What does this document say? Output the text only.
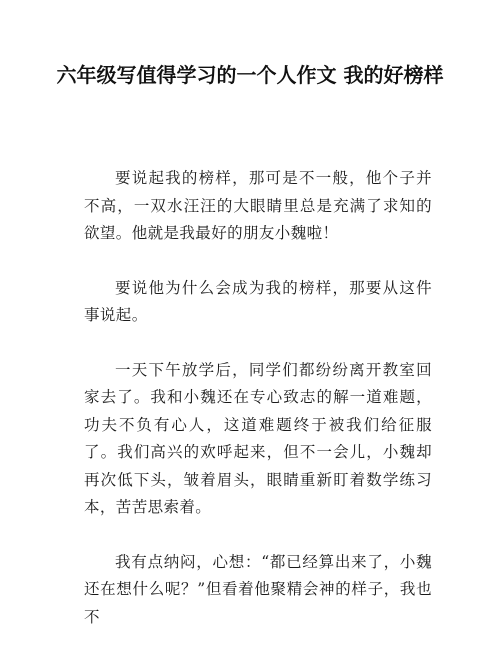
六年级写值得学习的一个人作文 我的好榜样

要说起我的榜样，那可是不一般，他个子并不高，一双水汪汪的大眼睛里总是充满了求知的欲望。他就是我最好的朋友小魏啦！

要说他为什么会成为我的榜样，那要从这件事说起。

一天下午放学后，同学们都纷纷离开教室回家去了。我和小魏还在专心致志的解一道难题，功夫不负有心人，这道难题终于被我们给征服了。我们高兴的欢呼起来，但不一会儿，小魏却再次低下头，皱着眉头，眼睛重新盯着数学练习本，苦苦思索着。

我有点纳闷，心想：“都已经算出来了，小魏还在想什么呢？”但看着他聚精会神的样子，我也不
